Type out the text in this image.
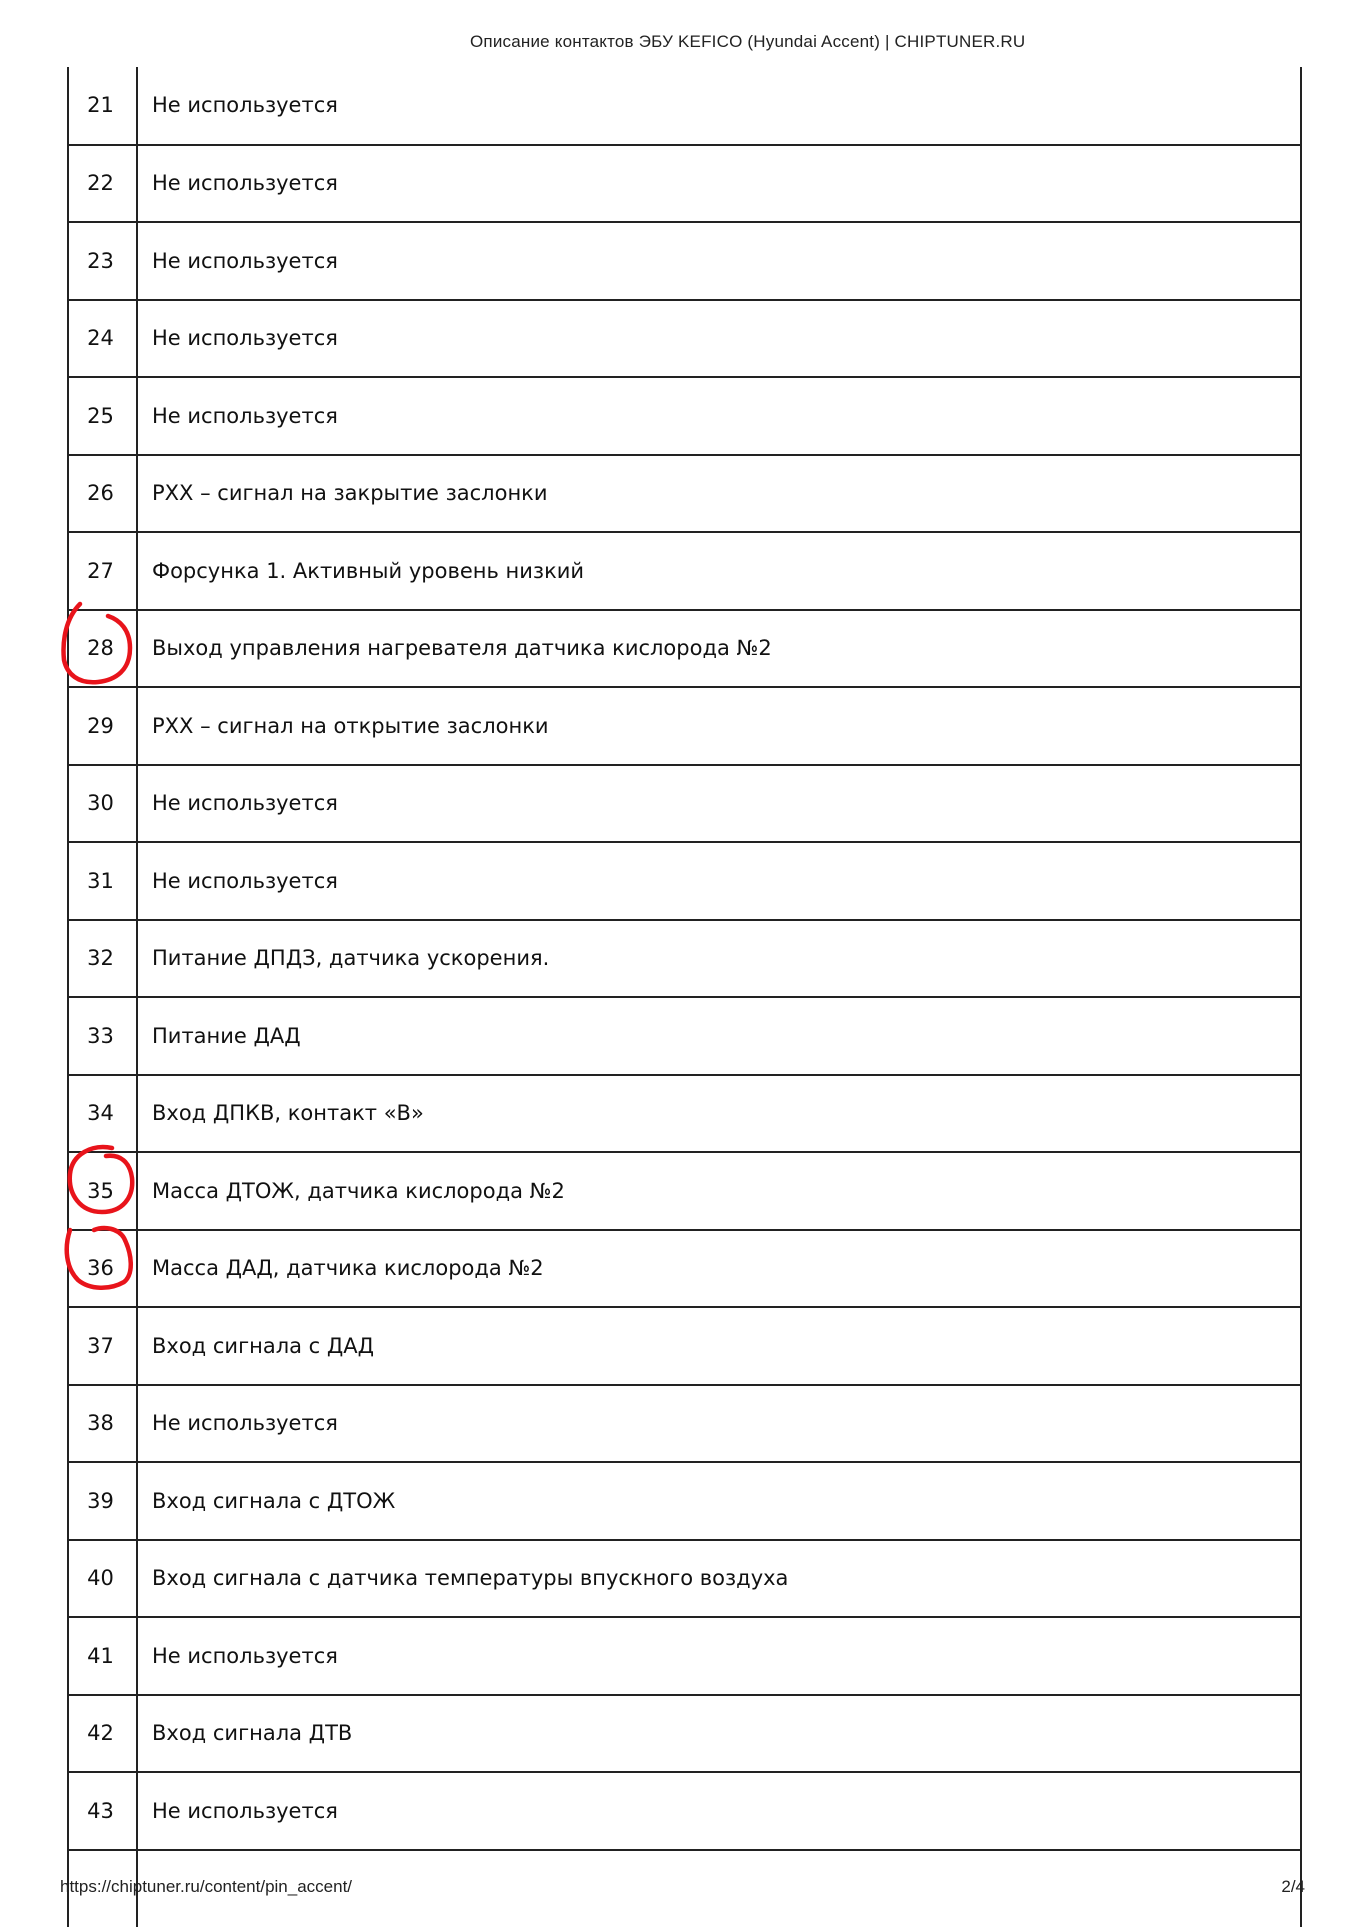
Описание контактов ЭБУ KEFICO (Hyundai Accent) | CHIPTUNER.RU
21	Не используется
22	Не используется
23	Не используется
24	Не используется
25	Не используется
26	РХХ – сигнал на закрытие заслонки
27	Форсунка 1. Активный уровень низкий
28	Выход управления нагревателя датчика кислорода №2
29	РХХ – сигнал на открытие заслонки
30	Не используется
31	Не используется
32	Питание ДПДЗ, датчика ускорения.
33	Питание ДАД
34	Вход ДПКВ, контакт «В»
35	Масса ДТОЖ, датчика кислорода №2
36	Масса ДАД, датчика кислорода №2
37	Вход сигнала с ДАД
38	Не используется
39	Вход сигнала с ДТОЖ
40	Вход сигнала с датчика температуры впускного воздуха
41	Не используется
42	Вход сигнала ДТВ
43	Не используется

https://chiptuner.ru/content/pin_accent/	2/4
